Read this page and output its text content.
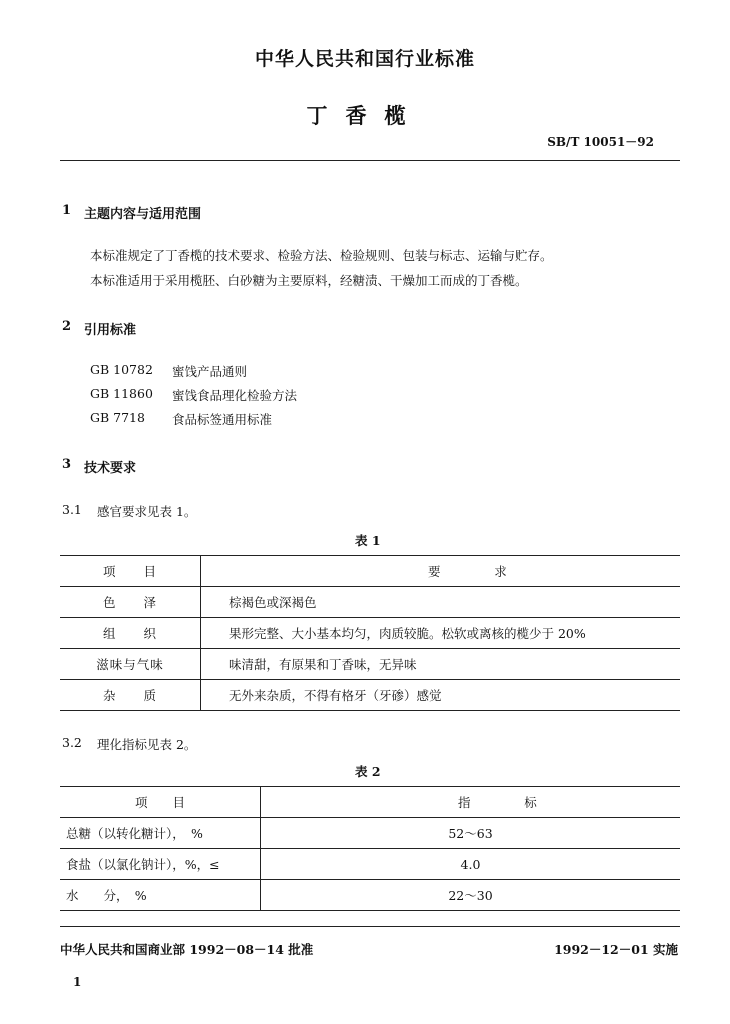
中华人民共和国行业标准
丁香榄
SB/T 10051－92
1 主题内容与适用范围
本标准规定了丁香榄的技术要求、检验方法、检验规则、包装与标志、运输与贮存。
本标准适用于采用榄胚、白砂糖为主要原料，经糖渍、干燥加工而成的丁香榄。
2 引用标准
GB 10782 蜜饯产品通则
GB 11860 蜜饯食品理化检验方法
GB 7718 食品标签通用标准
3 技术要求
3.1 感官要求见表 1。
表 1
项　　目	要 求
色　　泽	棕褐色或深褐色
组　　织	果形完整、大小基本均匀，肉质较脆。松软或离核的榄少于 20%
滋味与气味	味清甜，有原果和丁香味，无异味
杂　　质	无外来杂质，不得有格牙（牙碜）感觉
3.2 理化指标见表 2。
表 2
项　　目	指 标
总糖（以转化糖计），　%	52～63
食盐（以氯化钠计），%，≤	4.0
水　　分，　%	22～30
中华人民共和国商业部 1992－08－14 批准	1992－12－01 实施
1
